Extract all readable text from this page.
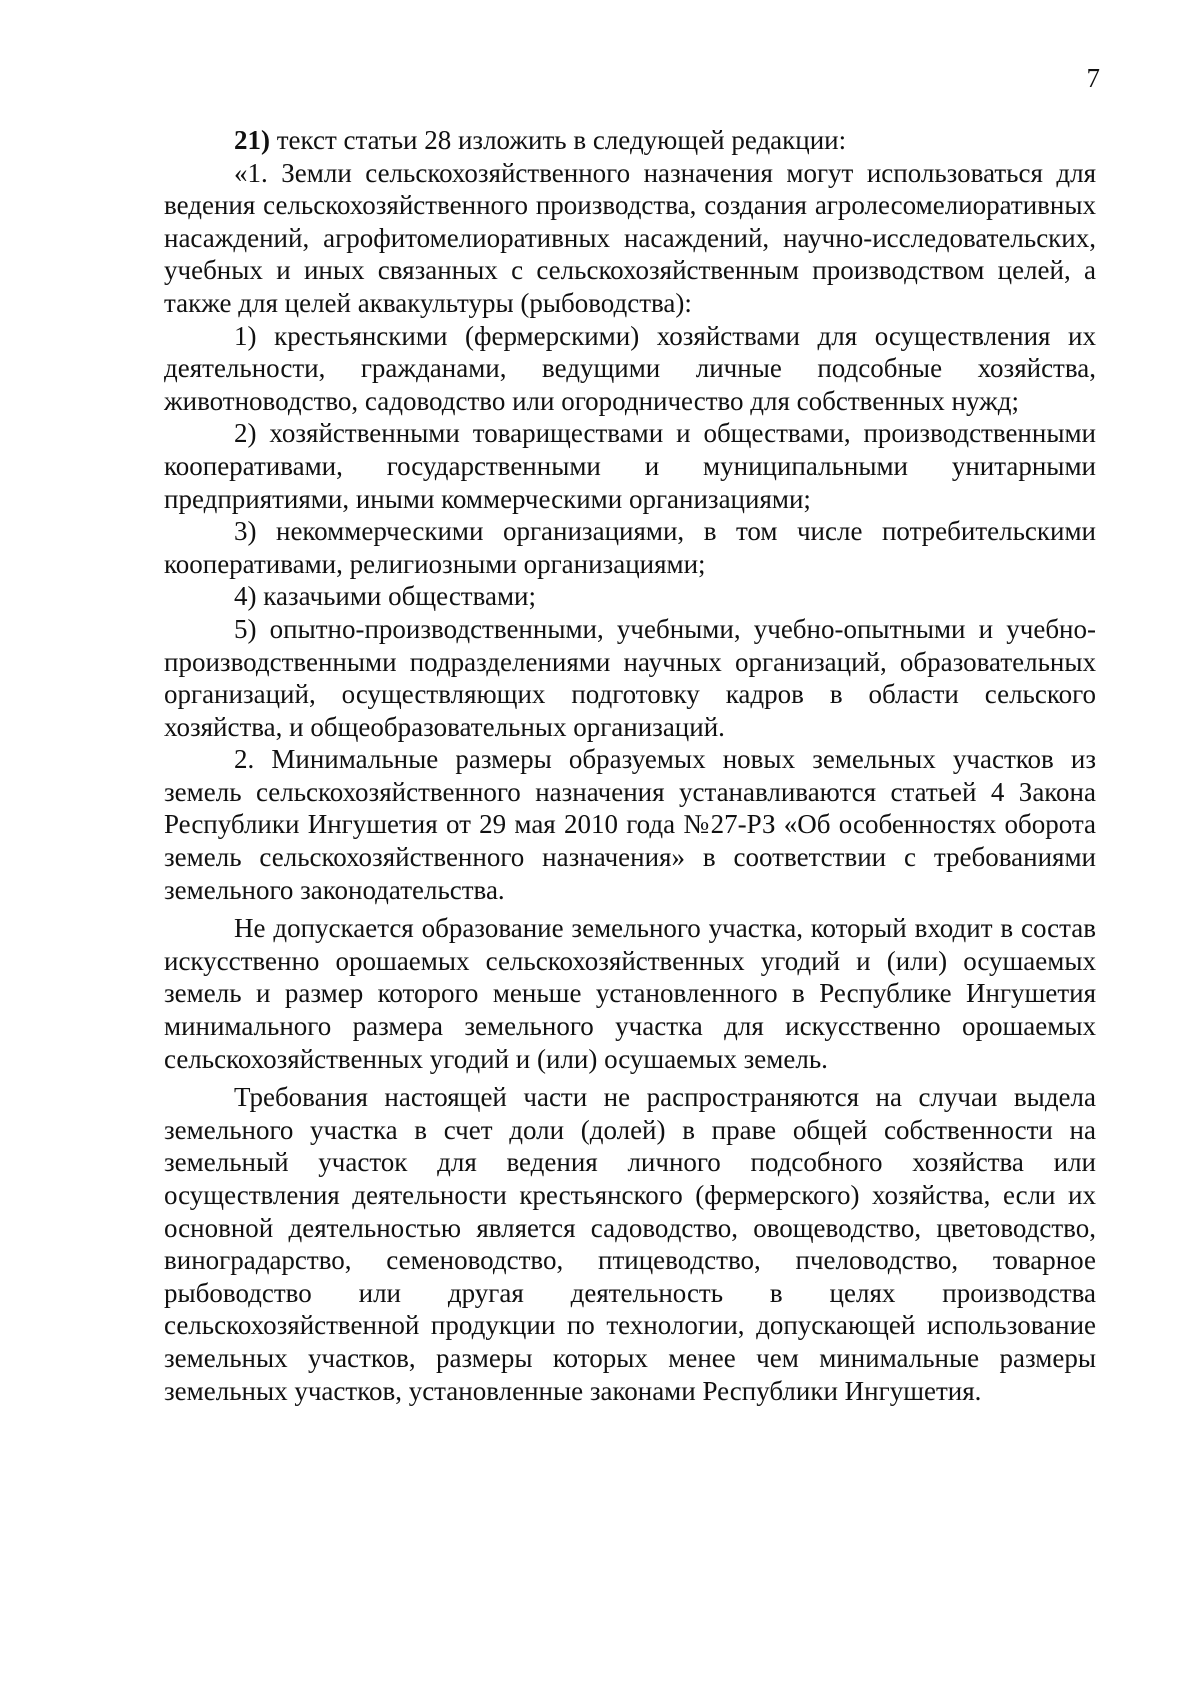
7

21) текст статьи 28 изложить в следующей редакции:

«1. Земли сельскохозяйственного назначения могут использоваться для ведения сельскохозяйственного производства, создания агролесомелиоративных насаждений, агрофитомелиоративных насаждений, научно-исследовательских, учебных и иных связанных с сельскохозяйственным производством целей, а также для целей аквакультуры (рыбоводства):

1) крестьянскими (фермерскими) хозяйствами для осуществления их деятельности, гражданами, ведущими личные подсобные хозяйства, животноводство, садоводство или огородничество для собственных нужд;

2) хозяйственными товариществами и обществами, производственными кооперативами, государственными и муниципальными унитарными предприятиями, иными коммерческими организациями;

3) некоммерческими организациями, в том числе потребительскими кооперативами, религиозными организациями;

4) казачьими обществами;

5) опытно-производственными, учебными, учебно-опытными и учебно-производственными подразделениями научных организаций, образовательных организаций, осуществляющих подготовку кадров в области сельского хозяйства, и общеобразовательных организаций.

2. Минимальные размеры образуемых новых земельных участков из земель сельскохозяйственного назначения устанавливаются статьей 4 Закона Республики Ингушетия от 29 мая 2010 года №27-РЗ «Об особенностях оборота земель сельскохозяйственного назначения» в соответствии с требованиями земельного законодательства.

Не допускается образование земельного участка, который входит в состав искусственно орошаемых сельскохозяйственных угодий и (или) осушаемых земель и размер которого меньше установленного в Республике Ингушетия минимального размера земельного участка для искусственно орошаемых сельскохозяйственных угодий и (или) осушаемых земель.

Требования настоящей части не распространяются на случаи выдела земельного участка в счет доли (долей) в праве общей собственности на земельный участок для ведения личного подсобного хозяйства или осуществления деятельности крестьянского (фермерского) хозяйства, если их основной деятельностью является садоводство, овощеводство, цветоводство, виноградарство, семеноводство, птицеводство, пчеловодство, товарное рыбоводство или другая деятельность в целях производства сельскохозяйственной продукции по технологии, допускающей использование земельных участков, размеры которых менее чем минимальные размеры земельных участков, установленные законами Республики Ингушетия.
